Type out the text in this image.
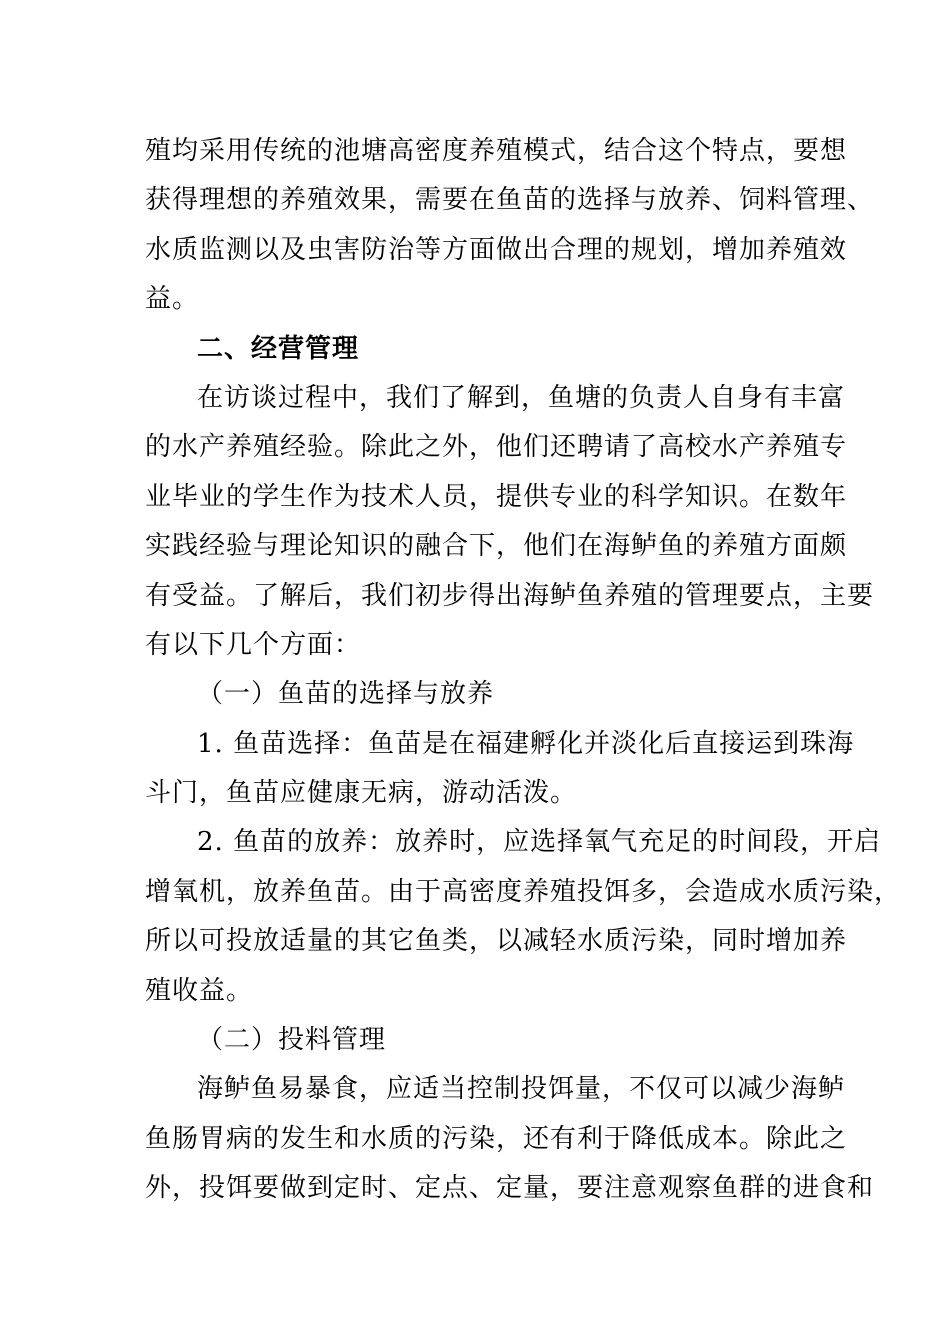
殖均采用传统的池塘高密度养殖模式，结合这个特点，要想
获得理想的养殖效果，需要在鱼苗的选择与放养、饲料管理、
水质监测以及虫害防治等方面做出合理的规划，增加养殖效
益。
二、经营管理
在访谈过程中，我们了解到，鱼塘的负责人自身有丰富
的水产养殖经验。除此之外，他们还聘请了高校水产养殖专
业毕业的学生作为技术人员，提供专业的科学知识。在数年
实践经验与理论知识的融合下，他们在海鲈鱼的养殖方面颇
有受益。了解后，我们初步得出海鲈鱼养殖的管理要点，主要
有以下几个方面：
（一）鱼苗的选择与放养
1. 鱼苗选择：鱼苗是在福建孵化并淡化后直接运到珠海
斗门，鱼苗应健康无病，游动活泼。
2. 鱼苗的放养：放养时，应选择氧气充足的时间段，开启
增氧机，放养鱼苗。由于高密度养殖投饵多，会造成水质污染，
所以可投放适量的其它鱼类，以减轻水质污染，同时增加养
殖收益。
（二）投料管理
海鲈鱼易暴食，应适当控制投饵量，不仅可以减少海鲈
鱼肠胃病的发生和水质的污染，还有利于降低成本。除此之
外，投饵要做到定时、定点、定量，要注意观察鱼群的进食和
